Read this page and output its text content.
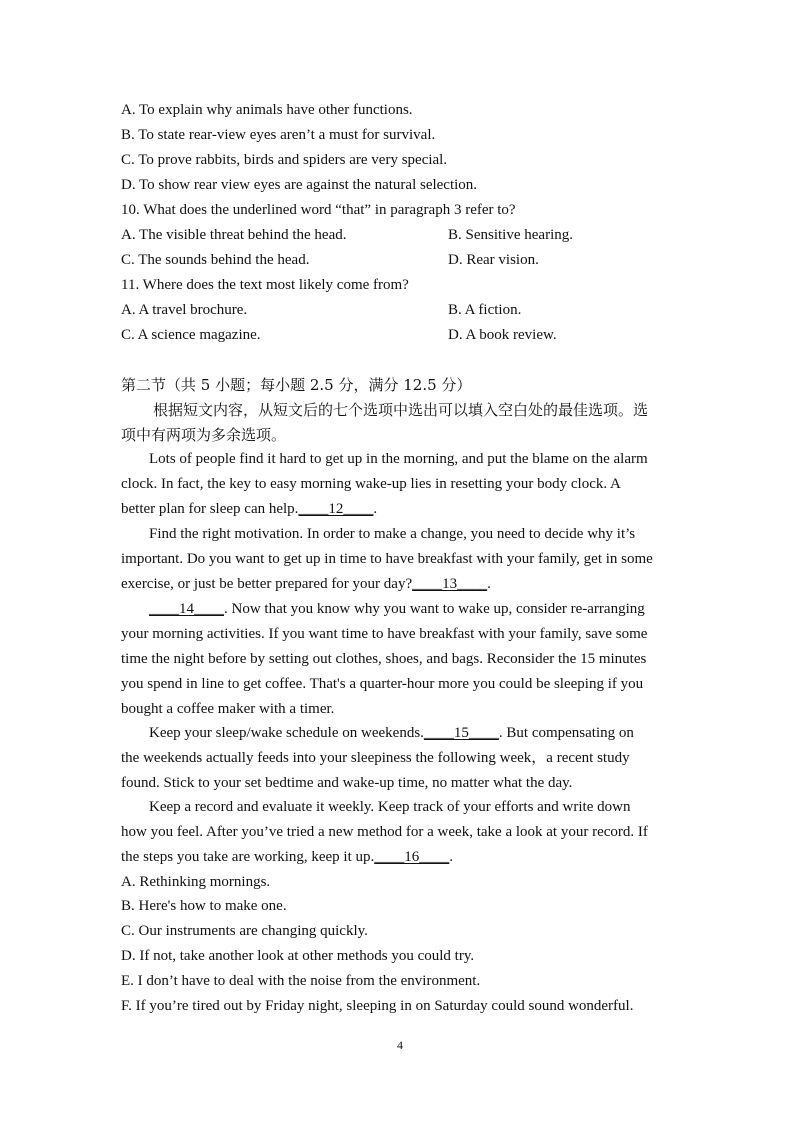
A. To explain why animals have other functions.
B. To state rear-view eyes aren’t a must for survival.
C. To prove rabbits, birds and spiders are very special.
D. To show rear view eyes are against the natural selection.
10. What does the underlined word “that” in paragraph 3 refer to?
A. The visible threat behind the head.	B. Sensitive hearing.
C. The sounds behind the head.	D. Rear vision.
11. Where does the text most likely come from?
A. A travel brochure.	B. A fiction.
C. A science magazine.	D. A book review.
第二节（共 5 小题；每小题 2.5 分，满分 12.5 分）
根据短文内容，从短文后的七个选项中选出可以填入空白处的最佳选项。选
项中有两项为多余选项。
Lots of people find it hard to get up in the morning, and put the blame on the alarm
clock. In fact, the key to easy morning wake-up lies in resetting your body clock. A
better plan for sleep can help.____12____.
Find the right motivation. In order to make a change, you need to decide why it’s
important. Do you want to get up in time to have breakfast with your family, get in some
exercise, or just be better prepared for your day?____13____.
____14____. Now that you know why you want to wake up, consider re-arranging
your morning activities. If you want time to have breakfast with your family, save some
time the night before by setting out clothes, shoes, and bags. Reconsider the 15 minutes
you spend in line to get coffee. That's a quarter-hour more you could be sleeping if you
bought a coffee maker with a timer.
Keep your sleep/wake schedule on weekends.____15____. But compensating on
the weekends actually feeds into your sleepiness the following week，a recent study
found. Stick to your set bedtime and wake-up time, no matter what the day.
Keep a record and evaluate it weekly. Keep track of your efforts and write down
how you feel. After you’ve tried a new method for a week, take a look at your record. If
the steps you take are working, keep it up.____16____.
A. Rethinking mornings.
B. Here's how to make one.
C. Our instruments are changing quickly.
D. If not, take another look at other methods you could try.
E. I don’t have to deal with the noise from the environment.
F. If you’re tired out by Friday night, sleeping in on Saturday could sound wonderful.
4
